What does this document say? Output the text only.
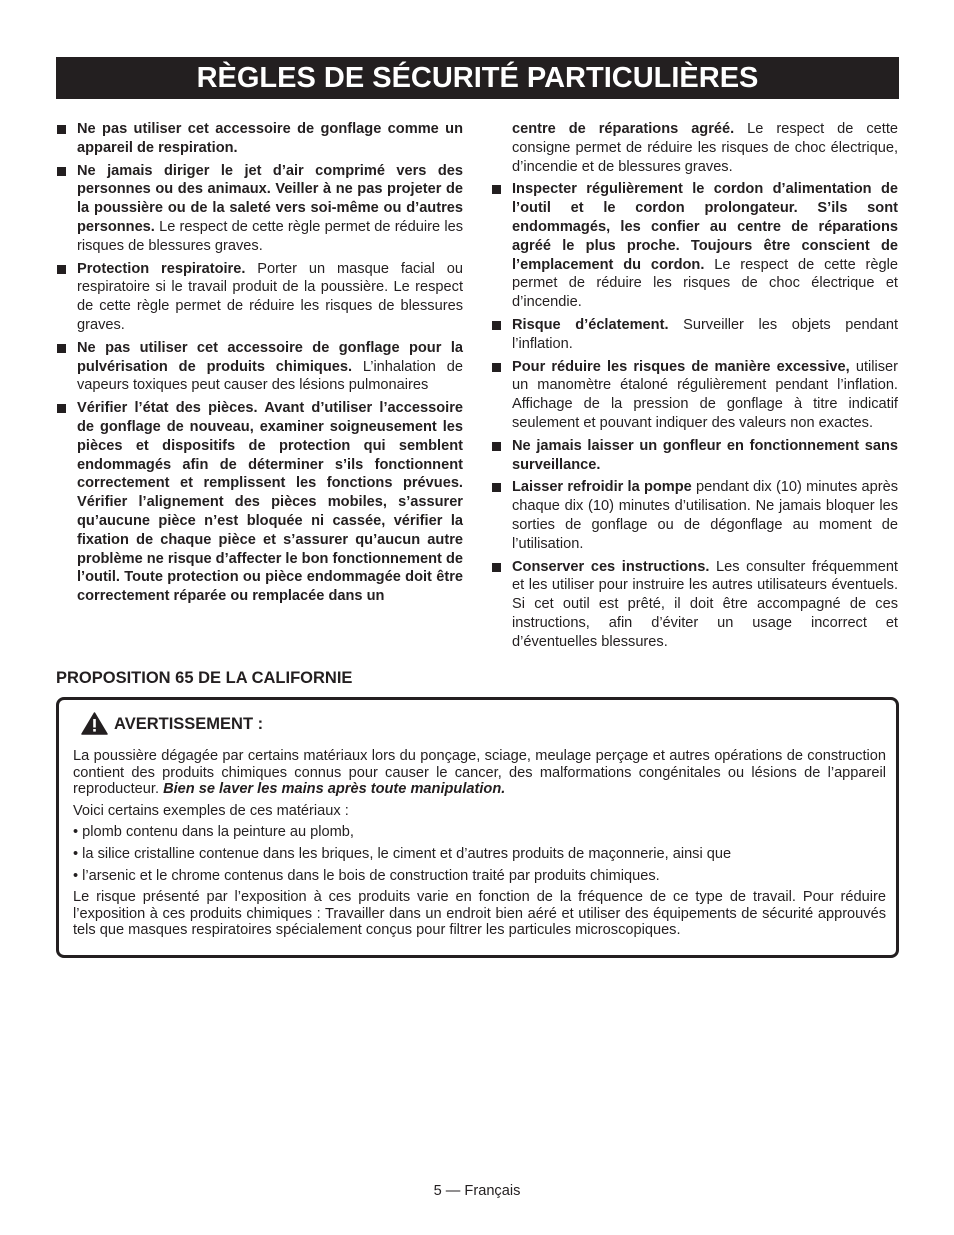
RÈGLES DE SÉCURITÉ PARTICULIÈRES
Ne pas utiliser cet accessoire de gonflage comme un appareil de respiration.
Ne jamais diriger le jet d’air comprimé vers des personnes ou des animaux. Veiller à ne pas projeter de la poussière ou de la saleté vers soi-même ou d’autres personnes. Le respect de cette règle permet de réduire les risques de blessures graves.
Protection respiratoire. Porter un masque facial ou respiratoire si le travail produit de la poussière. Le respect de cette règle permet de réduire les risques de blessures graves.
Ne pas utiliser cet accessoire de gonflage pour la pulvérisation de produits chimiques. L’inhalation de vapeurs toxiques peut causer des lésions pulmonaires
Vérifier l’état des pièces. Avant d’utiliser l’accessoire de gonflage de nouveau, examiner soigneusement les pièces et dispositifs de protection qui semblent endommagés afin de déterminer s’ils fonctionnent correctement et remplissent les fonctions prévues. Vérifier l’alignement des pièces mobiles, s’assurer qu’aucune pièce n’est bloquée ni cassée, vérifier la fixation de chaque pièce et s’assurer qu’aucun autre problème ne risque d’affecter le bon fonctionnement de l’outil. Toute protection ou pièce endommagée doit être correctement réparée ou remplacée dans un
centre de réparations agréé. Le respect de cette consigne permet de réduire les risques de choc électrique, d’incendie et de blessures graves.
Inspecter régulièrement le cordon d’alimentation de l’outil et le cordon prolongateur. S’ils sont endommagés, les confier au centre de réparations agréé le plus proche. Toujours être conscient de l’emplacement du cordon. Le respect de cette règle permet de réduire les risques de choc électrique et d’incendie.
Risque d’éclatement. Surveiller les objets pendant l’inflation.
Pour réduire les risques de manière excessive, utiliser un manomètre étaloné régulièrement pendant l’inflation. Affichage de la pression de gonflage à titre indicatif seulement et pouvant indiquer des valeurs non exactes.
Ne jamais laisser un gonfleur en fonctionnement sans surveillance.
Laisser refroidir la pompe pendant dix (10) minutes après chaque dix (10) minutes d’utilisation. Ne jamais bloquer les sorties de gonflage ou de dégonflage au moment de l’utilisation.
Conserver ces instructions. Les consulter fréquemment et les utiliser pour instruire les autres utilisateurs éventuels. Si cet outil est prêté, il doit être accompagné de ces instructions, afin d’éviter un usage incorrect et d’éventuelles blessures.
PROPOSITION 65 DE LA CALIFORNIE
AVERTISSEMENT :

La poussière dégagée par certains matériaux lors du ponçage, sciage, meulage perçage et autres opérations de construction contient des produits chimiques connus pour causer le cancer, des malformations congénitales ou lésions de l’appareil reproducteur. Bien se laver les mains après toute manipulation.

Voici certains exemples de ces matériaux :

• plomb contenu dans la peinture au plomb,

• la silice cristalline contenue dans les briques, le ciment et d’autres produits de maçonnerie, ainsi que

• l’arsenic et le chrome contenus dans le bois de construction traité par produits chimiques.

Le risque présenté par l’exposition à ces produits varie en fonction de la fréquence de ce type de travail. Pour réduire l’exposition à ces produits chimiques : Travailler dans un endroit bien aéré et utiliser des équipements de sécurité approuvés tels que masques respiratoires spécialement conçus pour filtrer les particules microscopiques.

5 — Français
